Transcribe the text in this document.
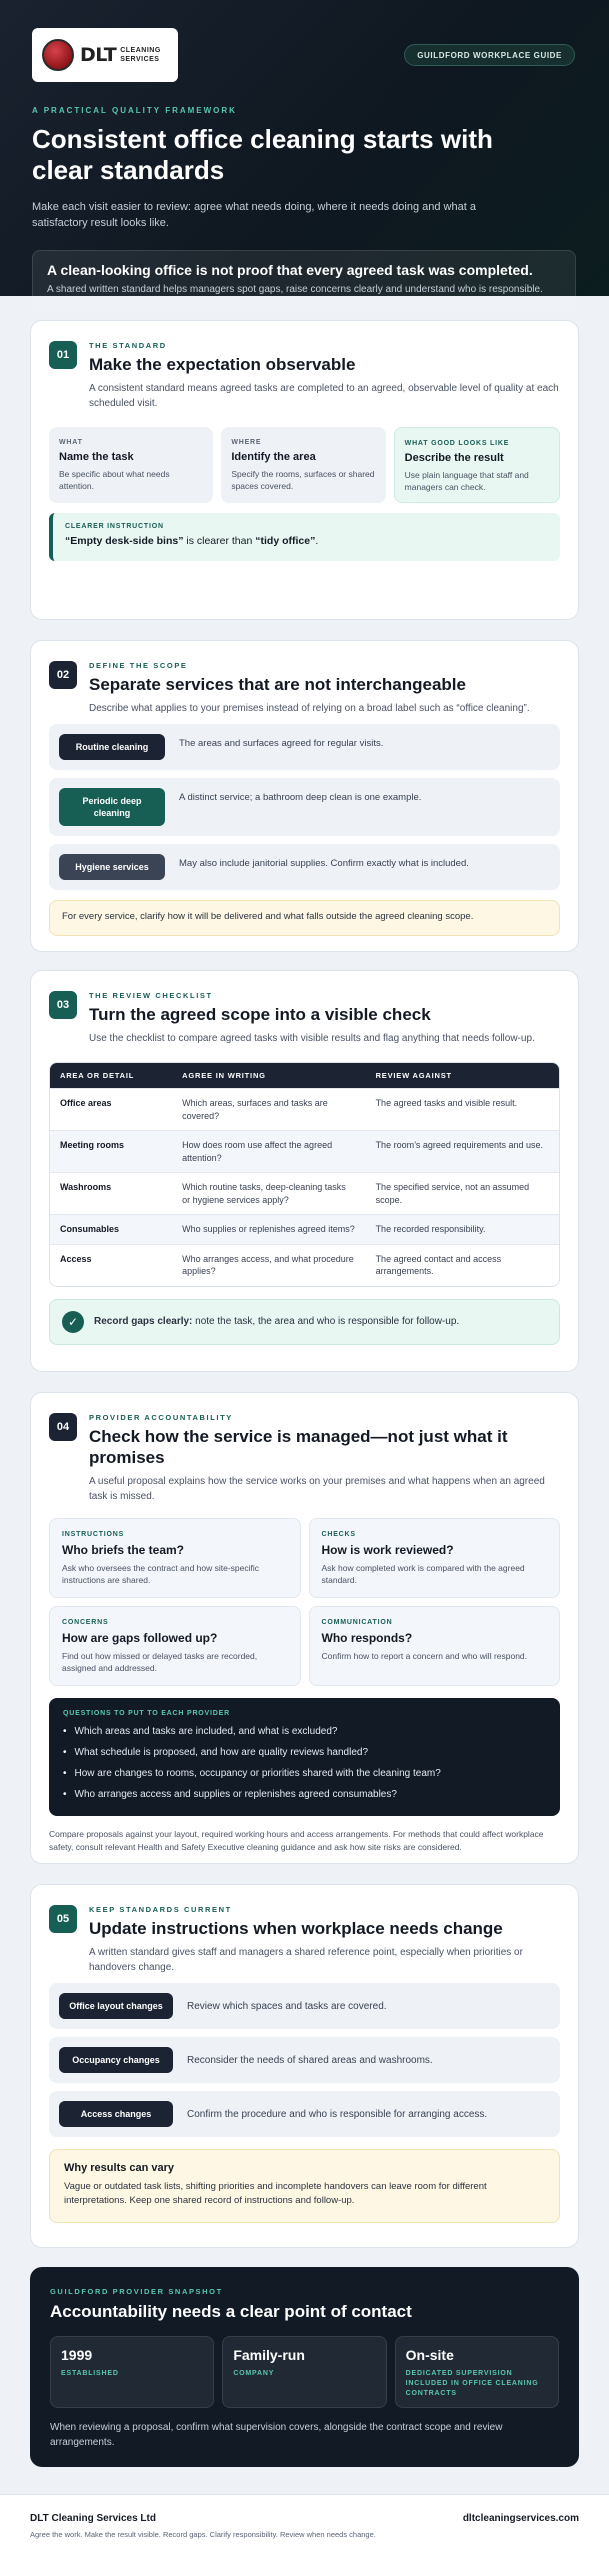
DLT CLEANING
SERVICES	GUILDFORD WORKPLACE GUIDE
A PRACTICAL QUALITY FRAMEWORK
Consistent office cleaning starts with clear standards
Make each visit easier to review: agree what needs doing, where it needs doing and what a satisfactory result looks like.
A clean-looking office is not proof that every agreed task was completed.
A shared written standard helps managers spot gaps, raise concerns clearly and understand who is responsible.
01
THE STANDARD
Make the expectation observable
A consistent standard means agreed tasks are completed to an agreed, observable level of quality at each scheduled visit.
WHAT
Name the task
Be specific about what needs attention.
WHERE
Identify the area
Specify the rooms, surfaces or shared spaces covered.
WHAT GOOD LOOKS LIKE
Describe the result
Use plain language that staff and managers can check.
CLEARER INSTRUCTION
“Empty desk-side bins” is clearer than “tidy office”.
02
DEFINE THE SCOPE
Separate services that are not interchangeable
Describe what applies to your premises instead of relying on a broad label such as “office cleaning”.
Routine cleaning	The areas and surfaces agreed for regular visits.
Periodic deep cleaning
A distinct service; a bathroom deep clean is one example.
Hygiene services	May also include janitorial supplies. Confirm exactly what is included.
For every service, clarify how it will be delivered and what falls outside the agreed cleaning scope.
03
THE REVIEW CHECKLIST
Turn the agreed scope into a visible check
Use the checklist to compare agreed tasks with visible results and flag anything that needs follow-up.
AREA OR DETAIL	AGREE IN WRITING	REVIEW AGAINST
Office areas	Which areas, surfaces and tasks are covered?	The agreed tasks and visible result.
Meeting rooms	How does room use affect the agreed attention?	The room’s agreed requirements and use.
Washrooms	Which routine tasks, deep-cleaning tasks or hygiene services apply?	The specified service, not an assumed scope.
Consumables	Who supplies or replenishes agreed items?	The recorded responsibility.
Access	Who arranges access, and what procedure applies?	The agreed contact and access arrangements.
✓	Record gaps clearly: note the task, the area and who is responsible for follow-up.
04
PROVIDER ACCOUNTABILITY
Check how the service is managed—not just what it promises
A useful proposal explains how the service works on your premises and what happens when an agreed task is missed.
INSTRUCTIONS
Who briefs the team?
Ask who oversees the contract and how site-specific instructions are shared.
CHECKS
How is work reviewed?
Ask how completed work is compared with the agreed standard.
CONCERNS
How are gaps followed up?
Find out how missed or delayed tasks are recorded, assigned and addressed.
COMMUNICATION
Who responds?
Confirm how to report a concern and who will respond.
QUESTIONS TO PUT TO EACH PROVIDER
• Which areas and tasks are included, and what is excluded?
• What schedule is proposed, and how are quality reviews handled?
• How are changes to rooms, occupancy or priorities shared with the cleaning team?
• Who arranges access and supplies or replenishes agreed consumables?
Compare proposals against your layout, required working hours and access arrangements. For methods that could affect workplace safety, consult relevant Health and Safety Executive cleaning guidance and ask how site risks are considered.
05
KEEP STANDARDS CURRENT
Update instructions when workplace needs change
A written standard gives staff and managers a shared reference point, especially when priorities or handovers change.
Office layout changes	Review which spaces and tasks are covered.
Occupancy changes	Reconsider the needs of shared areas and washrooms.
Access changes	Confirm the procedure and who is responsible for arranging access.
Why results can vary
Vague or outdated task lists, shifting priorities and incomplete handovers can leave room for different interpretations. Keep one shared record of instructions and follow-up.
GUILDFORD PROVIDER SNAPSHOT
Accountability needs a clear point of contact
1999
ESTABLISHED
Family-run
COMPANY
On-site
DEDICATED SUPERVISION INCLUDED IN OFFICE CLEANING CONTRACTS
When reviewing a proposal, confirm what supervision covers, alongside the contract scope and review arrangements.
DLT Cleaning Services Ltd	dltcleaningservices.com
Agree the work. Make the result visible. Record gaps. Clarify responsibility. Review when needs change.
